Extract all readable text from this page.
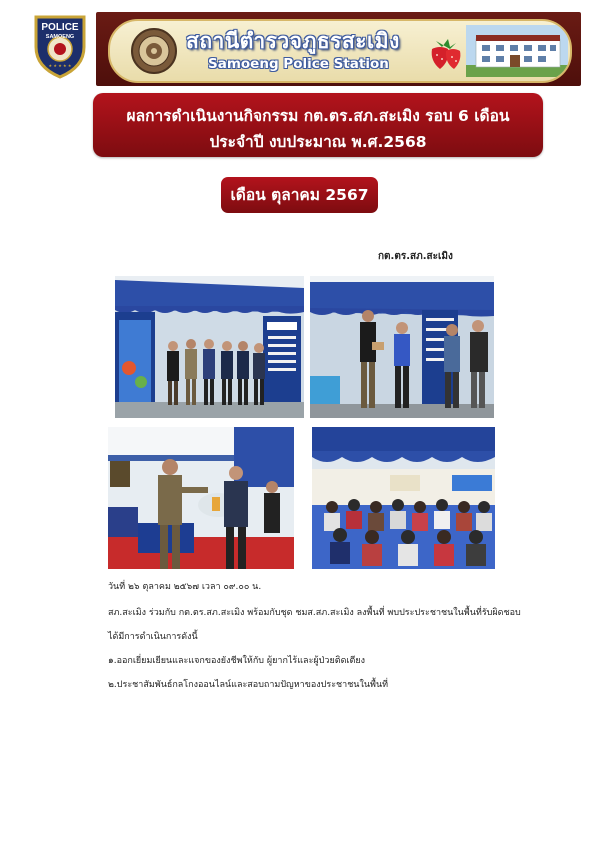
POLICE
SAMOENG
★ ★ ★ ★ ★
สถานีตำรวจภูธรสะเมิง
Samoeng Police Station
ผลการดำเนินงานกิจกรรม กต.ตร.สภ.สะเมิง รอบ 6 เดือน
ประจำปี งบประมาณ พ.ศ.2568
เดือน ตุลาคม 2567
กต.ตร.สภ.สะเมิง
วันที่ ๒๖ ตุลาคม ๒๕๖๗ เวลา ๐๙.๐๐ น.
สภ.สะเมิง ร่วมกับ กต.ตร.สภ.สะเมิง พร้อมกับชุด ชมส.สภ.สะเมิง ลงพื้นที่ พบประประชาชนในพื้นที่รับผิดชอบ
ได้มีการดำเนินการดังนี้
๑.ออกเยี่ยมเยียนและแจกของยังชีพให้กับ ผู้ยากไร้และผู้ป่วยติดเตียง
๒.ประชาสัมพันธ์กลโกงออนไลน์และสอบถามปัญหาของประชาชนในพื้นที่
